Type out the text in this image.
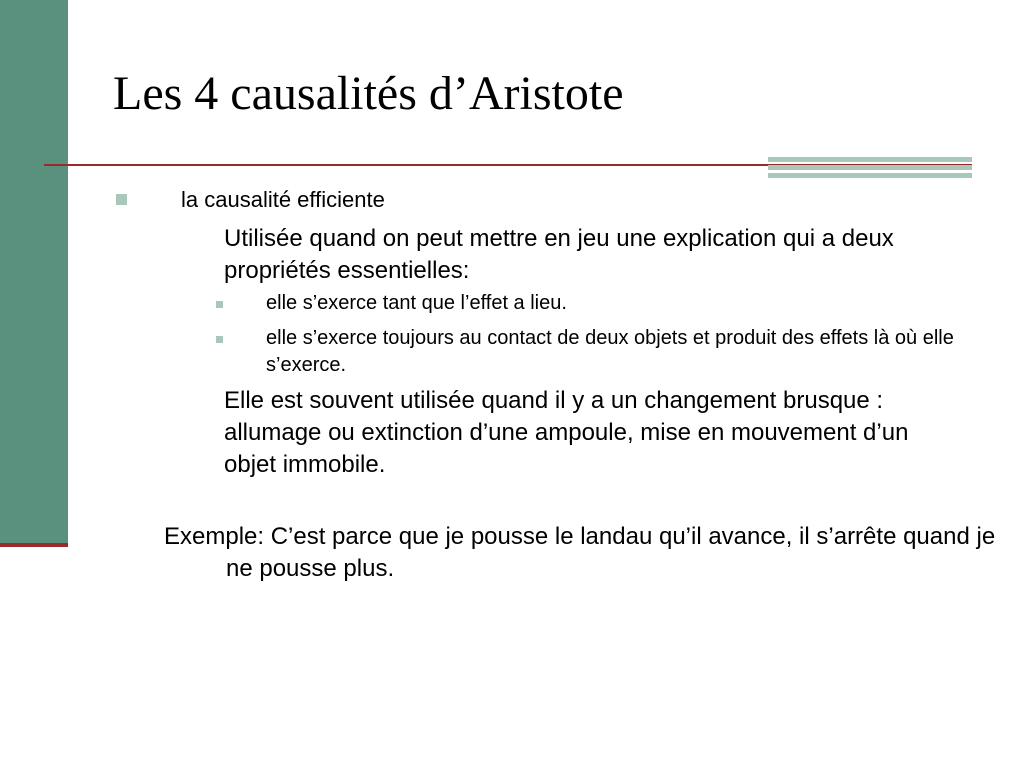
Les 4 causalités d’Aristote
la causalité efficiente
Utilisée quand on peut mettre en jeu une explication qui a deux propriétés essentielles:
elle s’exerce tant que l’effet a lieu.
elle s’exerce toujours au contact de deux objets et produit des effets là où elle s’exerce.
Elle est souvent utilisée quand il y a un changement brusque : allumage ou extinction d’une ampoule, mise en mouvement d’un objet immobile.
Exemple: C’est parce que je pousse le landau qu’il avance, il s’arrête quand je ne pousse plus.
